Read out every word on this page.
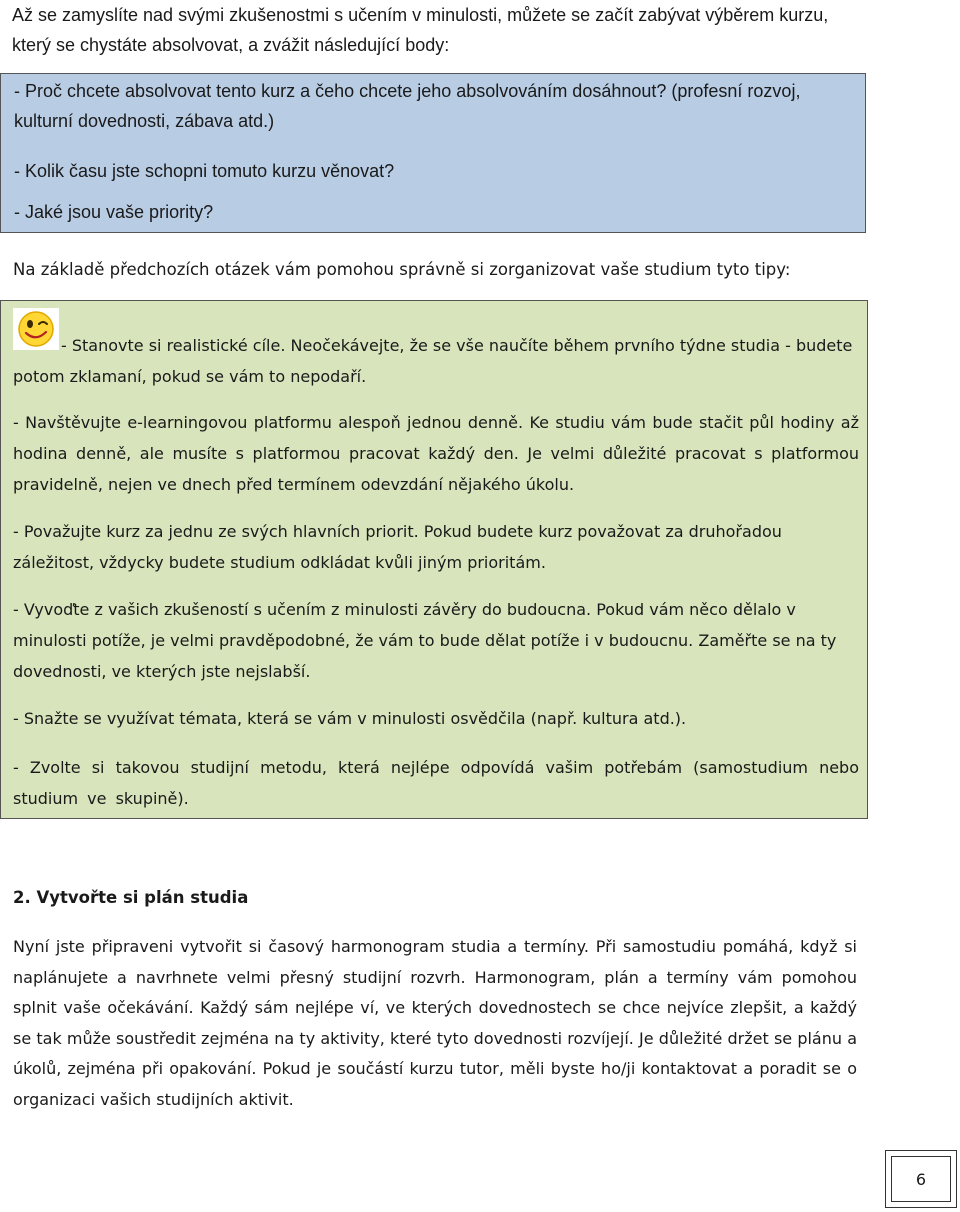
Až se zamyslíte nad svými zkušenostmi s učením v minulosti, můžete se začít zabývat výběrem kurzu, který se chystáte absolvovat, a zvážit následující body:

- Proč chcete absolvovat tento kurz a čeho chcete jeho absolvováním dosáhnout? (profesní rozvoj, kulturní dovednosti, zábava atd.)

- Kolik času jste schopni tomuto kurzu věnovat?

- Jaké jsou vaše priority?

Na základě předchozích otázek vám pomohou správně si zorganizovat vaše studium tyto tipy:

- Stanovte si realistické cíle. Neočekávejte, že se vše naučíte během prvního týdne studia - budete potom zklamaní, pokud se vám to nepodaří.

- Navštěvujte e-learningovou platformu alespoň jednou denně. Ke studiu vám bude stačit půl hodiny až hodina denně, ale musíte s platformou pracovat každý den. Je velmi důležité pracovat s platformou pravidelně, nejen ve dnech před termínem odevzdání nějakého úkolu.

- Považujte kurz za jednu ze svých hlavních priorit. Pokud budete kurz považovat za druhořadou záležitost, vždycky budete studium odkládat kvůli jiným prioritám.

- Vyvoďte z vašich zkušeností s učením z minulosti závěry do budoucna. Pokud vám něco dělalo v minulosti potíže, je velmi pravděpodobné, že vám to bude dělat potíže i v budoucnu. Zaměřte se na ty dovednosti, ve kterých jste nejslabší.

- Snažte se využívat témata, která se vám v minulosti osvědčila (např. kultura atd.).

- Zvolte si takovou studijní metodu, která nejlépe odpovídá vašim potřebám (samostudium nebo studium ve skupině).

2. Vytvořte si plán studia

Nyní jste připraveni vytvořit si časový harmonogram studia a termíny. Při samostudiu pomáhá, když si naplánujete a navrhnete velmi přesný studijní rozvrh. Harmonogram, plán a termíny vám pomohou splnit vaše očekávání. Každý sám nejlépe ví, ve kterých dovednostech se chce nejvíce zlepšit, a každý se tak může soustředit zejména na ty aktivity, které tyto dovednosti rozvíjejí. Je důležité držet se plánu a úkolů, zejména při opakování. Pokud je součástí kurzu tutor, měli byste ho/ji kontaktovat a poradit se o organizaci vašich studijních aktivit.

6
